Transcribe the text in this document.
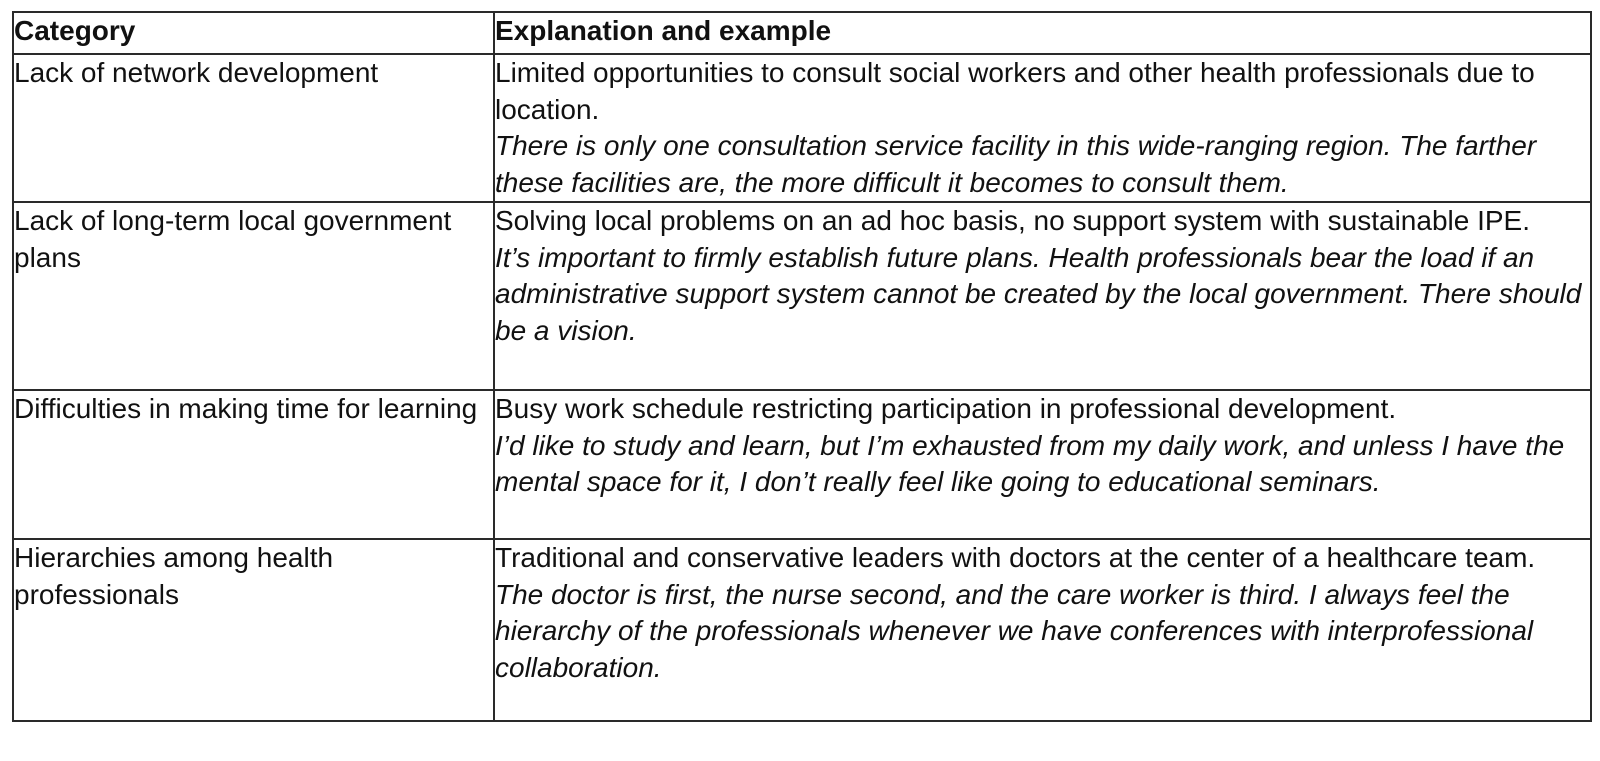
Category	Explanation and example
Lack of network development	Limited opportunities to consult social workers and other health professionals due to location.
There is only one consultation service facility in this wide-ranging region. The farther these facilities are, the more difficult it becomes to consult them.

Lack of long-term local government plans	Solving local problems on an ad hoc basis, no support system with sustainable IPE.
It’s important to firmly establish future plans. Health professionals bear the load if an administrative support system cannot be created by the local government. There should be a vision.

Difficulties in making time for learning	Busy work schedule restricting participation in professional development.
I’d like to study and learn, but I’m exhausted from my daily work, and unless I have the mental space for it, I don’t really feel like going to educational seminars.

Hierarchies among health professionals	Traditional and conservative leaders with doctors at the center of a healthcare team.
The doctor is first, the nurse second, and the care worker is third. I always feel the hierarchy of the professionals whenever we have conferences with interprofessional collaboration.
